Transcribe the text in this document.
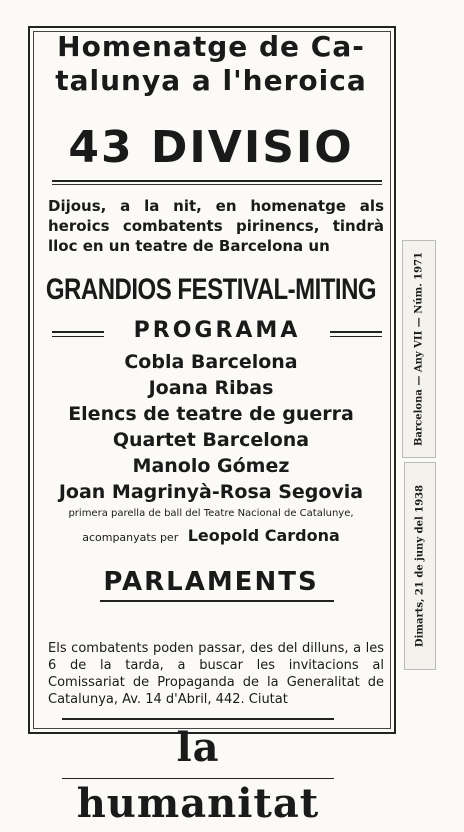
Homenatge de Ca-
talunya a l'heroica
43 DIVISIO
Dijous, a la nit, en homenatge als heroics combatents pirinencs, tindrà lloc en un teatre de Barcelona un
GRANDIOS FESTIVAL-MITING
PROGRAMA
Cobla Barcelona
Joana Ribas
Elencs de teatre de guerra
Quartet Barcelona
Manolo Gómez
Joan Magrinyà-Rosa Segovia
primera parella de ball del Teatre Nacional de Catalunye,
acompanyats per Leopold Cardona
PARLAMENTS
Els combatents poden passar, des del dilluns, a les 6 de la tarda, a buscar les invitacions al Comissariat de Propaganda de la Generalitat de Catalunya, Av. 14 d'Abril, 442. Ciutat
la humanitat
Barcelona — Any VII — Núm. 1971
Dimarts, 21 de juny del 1938
